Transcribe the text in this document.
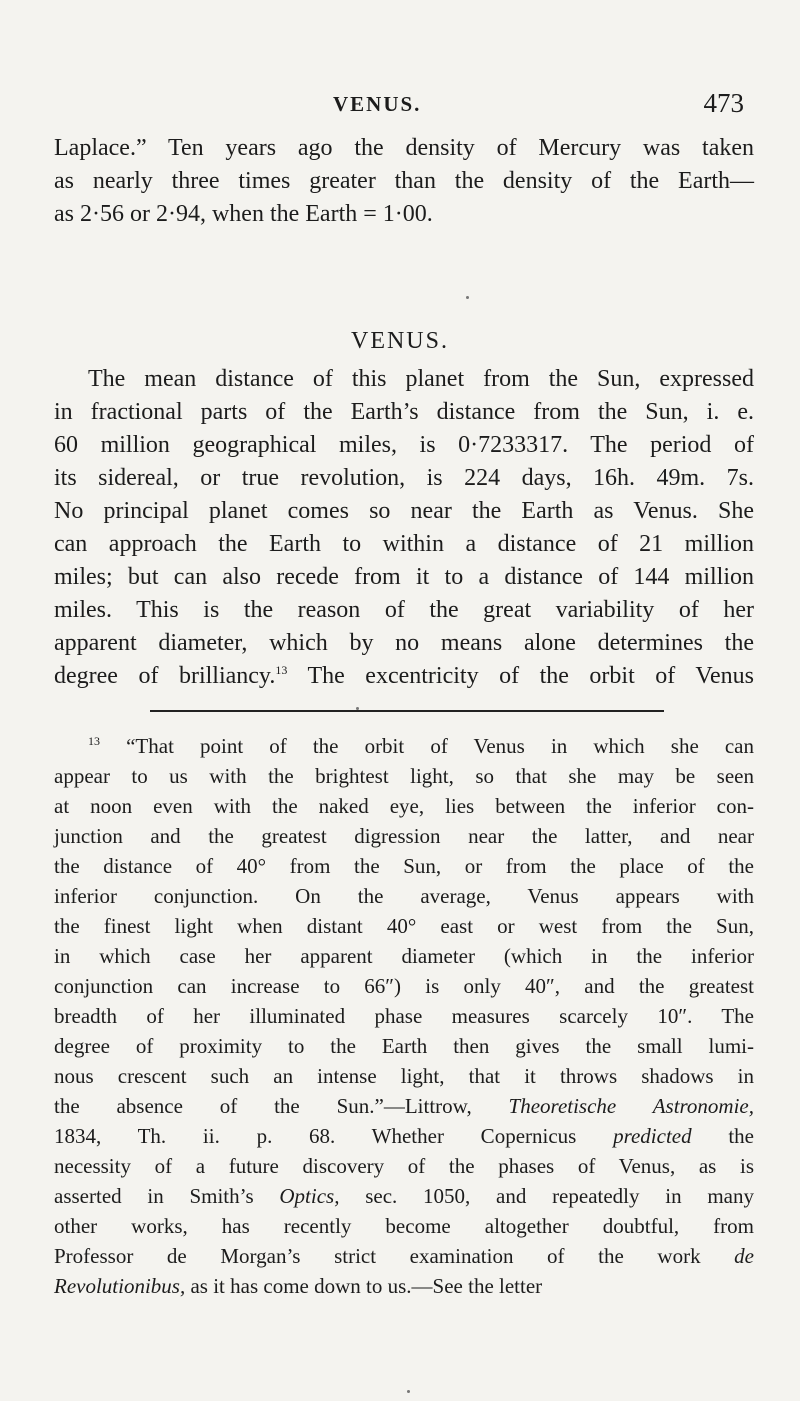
VENUS.	473
Laplace.” Ten years ago the density of Mercury was taken
as nearly three times greater than the density of the Earth—
as 2·56 or 2·94, when the Earth = 1·00.
VENUS.
The mean distance of this planet from the Sun, expressed
in fractional parts of the Earth’s distance from the Sun, i. e.
60 million geographical miles, is 0·7233317. The period of
its sidereal, or true revolution, is 224 days, 16h. 49m. 7s.
No principal planet comes so near the Earth as Venus. She
can approach the Earth to within a distance of 21 million
miles; but can also recede from it to a distance of 144 million
miles. This is the reason of the great variability of her
apparent diameter, which by no means alone determines the
degree of brilliancy.$^{13}$ The excentricity of the orbit of Venus
$^{13}$ “That point of the orbit of Venus in which she can
appear to us with the brightest light, so that she may be seen
at noon even with the naked eye, lies between the inferior con-
junction and the greatest digression near the latter, and near
the distance of 40° from the Sun, or from the place of the
inferior conjunction. On the average, Venus appears with
the finest light when distant 40° east or west from the Sun,
in which case her apparent diameter (which in the inferior
conjunction can increase to 66″) is only 40″, and the greatest
breadth of her illuminated phase measures scarcely 10″. The
degree of proximity to the Earth then gives the small lumi-
nous crescent such an intense light, that it throws shadows in
the absence of the Sun.”—Littrow, Theoretische Astronomie,
1834, Th. ii. p. 68. Whether Copernicus predicted the
necessity of a future discovery of the phases of Venus, as is
asserted in Smith’s Optics, sec. 1050, and repeatedly in many
other works, has recently become altogether doubtful, from
Professor de Morgan’s strict examination of the work de
Revolutionibus, as it has come down to us.—See the letter
